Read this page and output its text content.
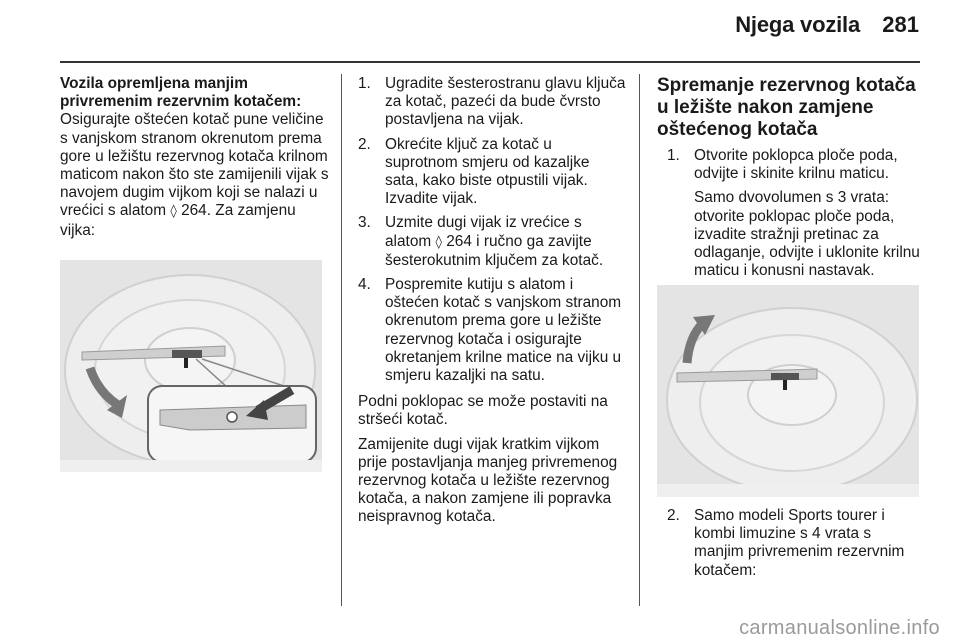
Njega vozila 281

Vozila opremljena manjim privremenim rezervnim kotačem:

Osigurajte oštećen kotač pune veličine s vanjskom stranom okrenutom prema gore u ležištu rezervnog kotača krilnom maticom nakon što ste zamijenili vijak s navojem dugim vijkom koji se nalazi u vrećici s alatom ◊ 264. Za zamjenu vijka:

1. Ugradite šesterostranu glavu ključa za kotač, pazeći da bude čvrsto postavljena na vijak.
2. Okrećite ključ za kotač u suprotnom smjeru od kazaljke sata, kako biste otpustili vijak. Izvadite vijak.
3. Uzmite dugi vijak iz vrećice s alatom ◊ 264 i ručno ga zavijte šesterokutnim ključem za kotač.
4. Pospremite kutiju s alatom i oštećen kotač s vanjskom stranom okrenutom prema gore u ležište rezervnog kotača i osigurajte okretanjem krilne matice na vijku u smjeru kazaljki na satu.

Podni poklopac se može postaviti na stršeći kotač.

Zamijenite dugi vijak kratkim vijkom prije postavljanja manjeg privremenog rezervnog kotača u ležište rezervnog kotača, a nakon zamjene ili popravka neispravnog kotača.

Spremanje rezervnog kotača u ležište nakon zamjene oštećenog kotača

1. Otvorite poklopca ploče poda, odvijte i skinite krilnu maticu.

Samo dvovolumen s 3 vrata: otvorite poklopac ploče poda, izvadite stražnji pretinac za odlaganje, odvijte i uklonite krilnu maticu i konusni nastavak.

2. Samo modeli Sports tourer i kombi limuzine s 4 vrata s manjim privremenim rezervnim kotačem:
carmanualsonline.info
